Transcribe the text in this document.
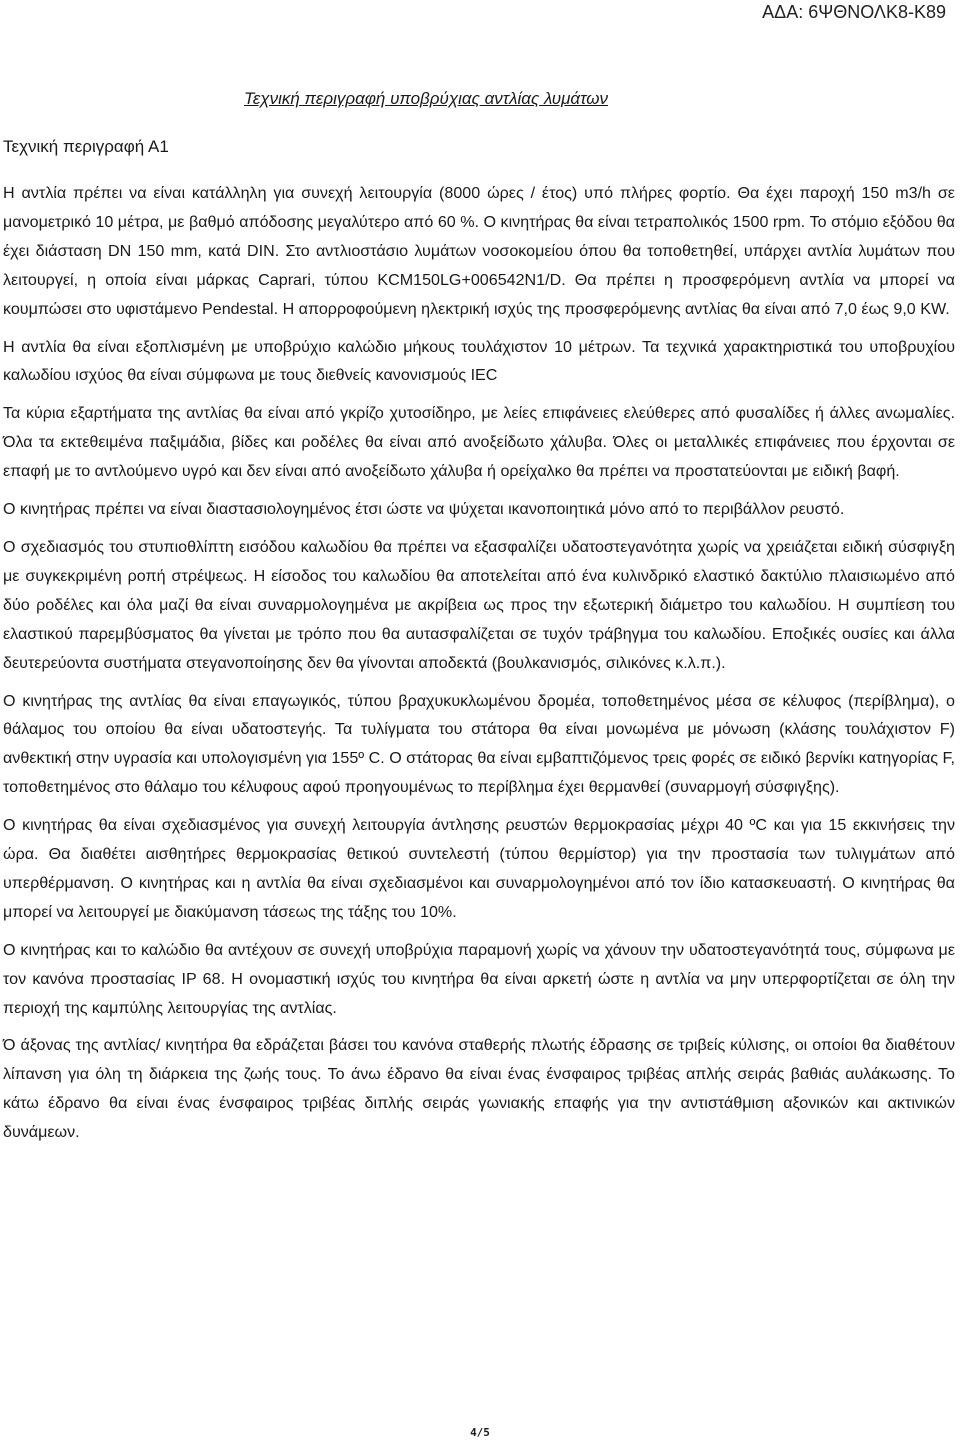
ΑΔΑ: 6ΨΘΝΟΛΚ8-Κ89
Τεχνική περιγραφή υποβρύχιας αντλίας λυμάτων
Τεχνική περιγραφή Α1

Η αντλία πρέπει να είναι κατάλληλη για συνεχή λειτουργία (8000 ώρες / έτος) υπό πλήρες φορτίο. Θα έχει παροχή 150 m3/h σε μανομετρικό 10 μέτρα, με βαθμό απόδοσης μεγαλύτερο από 60 %. Ο κινητήρας θα είναι τετραπολικός 1500 rpm. Το στόμιο εξόδου θα έχει διάσταση DN 150 mm, κατά DIN. Στο αντλιοστάσιο λυμάτων νοσοκομείου όπου θα τοποθετηθεί, υπάρχει αντλία λυμάτων που λειτουργεί, η οποία είναι μάρκας Caprari, τύπου KCM150LG+006542N1/D. Θα πρέπει η προσφερόμενη αντλία να μπορεί να κουμπώσει στο υφιστάμενο Pendestal. Η απορροφούμενη ηλεκτρική ισχύς της προσφερόμενης αντλίας θα είναι από 7,0 έως 9,0 KW.

Η αντλία θα είναι εξοπλισμένη με υποβρύχιο καλώδιο μήκους τουλάχιστον 10 μέτρων. Τα τεχνικά χαρακτηριστικά του υποβρυχίου καλωδίου ισχύος θα είναι σύμφωνα με τους διεθνείς κανονισμούς IEC

Τα κύρια εξαρτήματα της αντλίας θα είναι από γκρίζο χυτοσίδηρο, με λείες επιφάνειες ελεύθερες από φυσαλίδες ή άλλες ανωμαλίες. Όλα τα εκτεθειμένα παξιμάδια, βίδες και ροδέλες θα είναι από ανοξείδωτο χάλυβα. Όλες οι μεταλλικές επιφάνειες που έρχονται σε επαφή με το αντλούμενο υγρό και δεν είναι από ανοξείδωτο χάλυβα ή ορείχαλκο θα πρέπει να προστατεύονται με ειδική βαφή.

Ο κινητήρας πρέπει να είναι διαστασιολογημένος έτσι ώστε να ψύχεται ικανοποιητικά μόνο από το περιβάλλον ρευστό.

Ο σχεδιασμός του στυπιοθλίπτη εισόδου καλωδίου θα πρέπει να εξασφαλίζει υδατοστεγανότητα χωρίς να χρειάζεται ειδική σύσφιγξη με συγκεκριμένη ροπή στρέψεως. Η είσοδος του καλωδίου θα αποτελείται από ένα κυλινδρικό ελαστικό δακτύλιο πλαισιωμένο από δύο ροδέλες και όλα μαζί θα είναι συναρμολογημένα με ακρίβεια ως προς την εξωτερική διάμετρο του καλωδίου. Η συμπίεση του ελαστικού παρεμβύσματος θα γίνεται με τρόπο που θα αυτασφαλίζεται σε τυχόν τράβηγμα του καλωδίου. Εποξικές ουσίες και άλλα δευτερεύοντα συστήματα στεγανοποίησης δεν θα γίνονται αποδεκτά (βουλκανισμός, σιλικόνες κ.λ.π.).

Ο κινητήρας της αντλίας θα είναι επαγωγικός, τύπου βραχυκυκλωμένου δρομέα, τοποθετημένος μέσα σε κέλυφος (περίβλημα), ο θάλαμος του οποίου θα είναι υδατοστεγής. Τα τυλίγματα του στάτορα θα είναι μονωμένα με μόνωση (κλάσης τουλάχιστον F) ανθεκτική στην υγρασία και υπολογισμένη για 155º C. Ο στάτορας θα είναι εμβαπτιζόμενος τρεις φορές σε ειδικό βερνίκι κατηγορίας F, τοποθετημένος στο θάλαμο του κέλυφους αφού προηγουμένως το περίβλημα έχει θερμανθεί (συναρμογή σύσφιγξης).

Ο κινητήρας θα είναι σχεδιασμένος για συνεχή λειτουργία άντλησης ρευστών θερμοκρασίας μέχρι 40 ºC και για 15 εκκινήσεις την ώρα. Θα διαθέτει αισθητήρες θερμοκρασίας θετικού συντελεστή (τύπου θερμίστορ) για την προστασία των τυλιγμάτων από υπερθέρμανση. Ο κινητήρας και η αντλία θα είναι σχεδιασμένοι και συναρμολογημένοι από τον ίδιο κατασκευαστή. Ο κινητήρας θα μπορεί να λειτουργεί με διακύμανση τάσεως της τάξης του 10%.

Ο κινητήρας και το καλώδιο θα αντέχουν σε συνεχή υποβρύχια παραμονή χωρίς να χάνουν την υδατοστεγανότητά τους, σύμφωνα με τον κανόνα προστασίας IP 68. Η ονομαστική ισχύς του κινητήρα θα είναι αρκετή ώστε η αντλία να μην υπερφορτίζεται σε όλη την περιοχή της καμπύλης λειτουργίας της αντλίας.

Ό άξονας της αντλίας/ κινητήρα θα εδράζεται βάσει του κανόνα σταθερής πλωτής έδρασης σε τριβείς κύλισης, οι οποίοι θα διαθέτουν λίπανση για όλη τη διάρκεια της ζωής τους. Το άνω έδρανο θα είναι ένας ένσφαιρος τριβέας απλής σειράς βαθιάς αυλάκωσης. Το κάτω έδρανο θα είναι ένας ένσφαιρος τριβέας διπλής σειράς γωνιακής επαφής για την αντιστάθμιση αξονικών και ακτινικών δυνάμεων.

4/5
